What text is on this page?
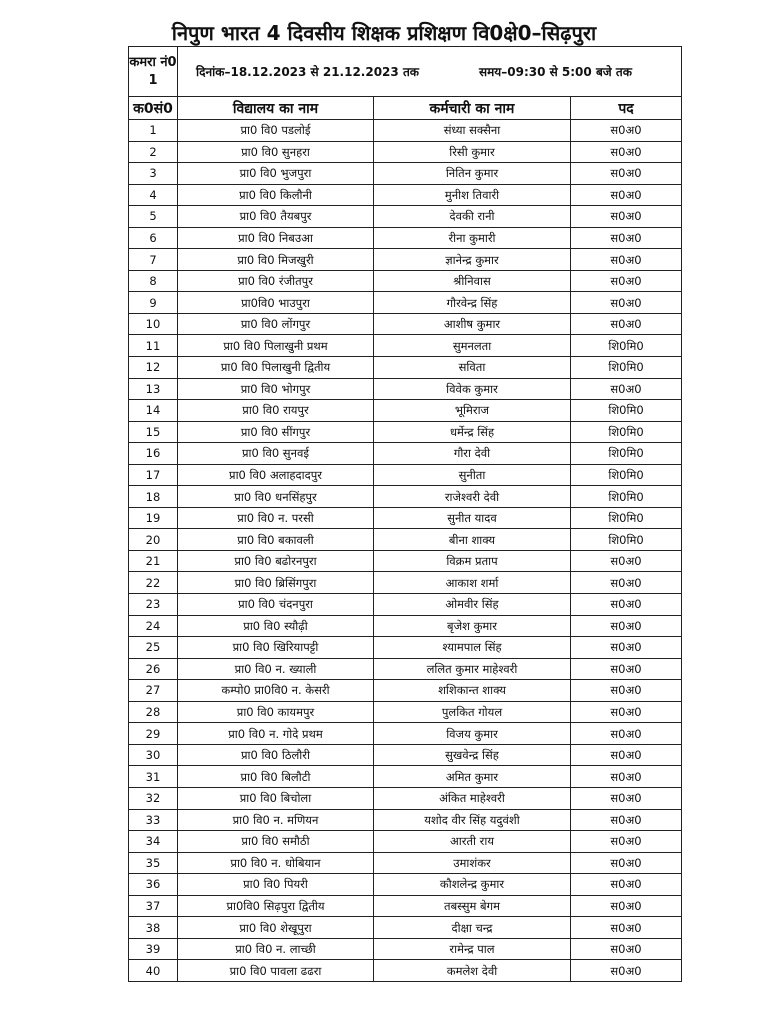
निपुण भारत 4 दिवसीय शिक्षक प्रशिक्षण वि0क्षे0–सिढ़पुरा
कमरा नं0 1	दिनांक–18.12.2023 से 21.12.2023 तक समय–09:30 से 5:00 बजे तक		
क0सं0	विद्यालय का नाम	कर्मचारी का नाम	पद
1	प्रा0 वि0 पडलोई	संध्या सक्सैना	स0अ0
2	प्रा0 वि0 सुनहरा	रिसी कुमार	स0अ0
3	प्रा0 वि0 भुजपुरा	नितिन कुमार	स0अ0
4	प्रा0 वि0 किलौनी	मुनीश तिवारी	स0अ0
5	प्रा0 वि0 तैयबपुर	देवकी रानी	स0अ0
6	प्रा0 वि0 निबउआ	रीना कुमारी	स0अ0
7	प्रा0 वि0 मिजखुरी	ज्ञानेन्द्र कुमार	स0अ0
8	प्रा0 वि0 रंजीतपुर	श्रीनिवास	स0अ0
9	प्रा0वि0 भाउपुरा	गौरवेन्द्र सिंह	स0अ0
10	प्रा0 वि0 लोंगपुर	आशीष कुमार	स0अ0
11	प्रा0 वि0 पिलाखुनी प्रथम	सुमनलता	शि0मि0
12	प्रा0 वि0 पिलाखुनी द्वितीय	सविता	शि0मि0
13	प्रा0 वि0 भोगपुर	विवेक कुमार	स0अ0
14	प्रा0 वि0 रायपुर	भूमिराज	शि0मि0
15	प्रा0 वि0 सींगपुर	धर्मेन्द्र सिंह	शि0मि0
16	प्रा0 वि0 सुनवई	गौरा देवी	शि0मि0
17	प्रा0 वि0 अलाहदादपुर	सुनीता	शि0मि0
18	प्रा0 वि0 धनसिंहपुर	राजेश्वरी देवी	शि0मि0
19	प्रा0 वि0 न. परसी	सुनीत यादव	शि0मि0
20	प्रा0 वि0 बकावली	बीना शाक्य	शि0मि0
21	प्रा0 वि0 बढोरनपुरा	विक्रम प्रताप	स0अ0
22	प्रा0 वि0 ब्रिसिंगपुरा	आकाश शर्मा	स0अ0
23	प्रा0 वि0 चंदनपुरा	ओमवीर सिंह	स0अ0
24	प्रा0 वि0 स्यौढ़ी	बृजेश कुमार	स0अ0
25	प्रा0 वि0 खिरियापट्टी	श्यामपाल सिंह	स0अ0
26	प्रा0 वि0 न. ख्याली	ललित कुमार माहेश्वरी	स0अ0
27	कम्पो0 प्रा0वि0 न. केसरी	शशिकान्त शाक्य	स0अ0
28	प्रा0 वि0 कायमपुर	पुलकित गोयल	स0अ0
29	प्रा0 वि0 न. गोदे प्रथम	विजय कुमार	स0अ0
30	प्रा0 वि0 ठिलौरी	सुखवेन्द्र सिंह	स0अ0
31	प्रा0 वि0 बिलौटी	अमित कुमार	स0अ0
32	प्रा0 वि0 बिचोला	अंकित माहेश्वरी	स0अ0
33	प्रा0 वि0 न. मणियन	यशोद वीर सिंह यदुवंशी	स0अ0
34	प्रा0 वि0 समौठी	आरती राय	स0अ0
35	प्रा0 वि0 न. धोबियान	उमाशंकर	स0अ0
36	प्रा0 वि0 पियरी	कौशलेन्द्र कुमार	स0अ0
37	प्रा0वि0 सिढ़पुरा द्वितीय	तबस्सुम बेगम	स0अ0
38	प्रा0 वि0 शेखूपुरा	दीक्षा चन्द्र	स0अ0
39	प्रा0 वि0 न. लाच्छी	रामेन्द्र पाल	स0अ0
40	प्रा0 वि0 पावला ढढरा	कमलेश देवी	स0अ0
